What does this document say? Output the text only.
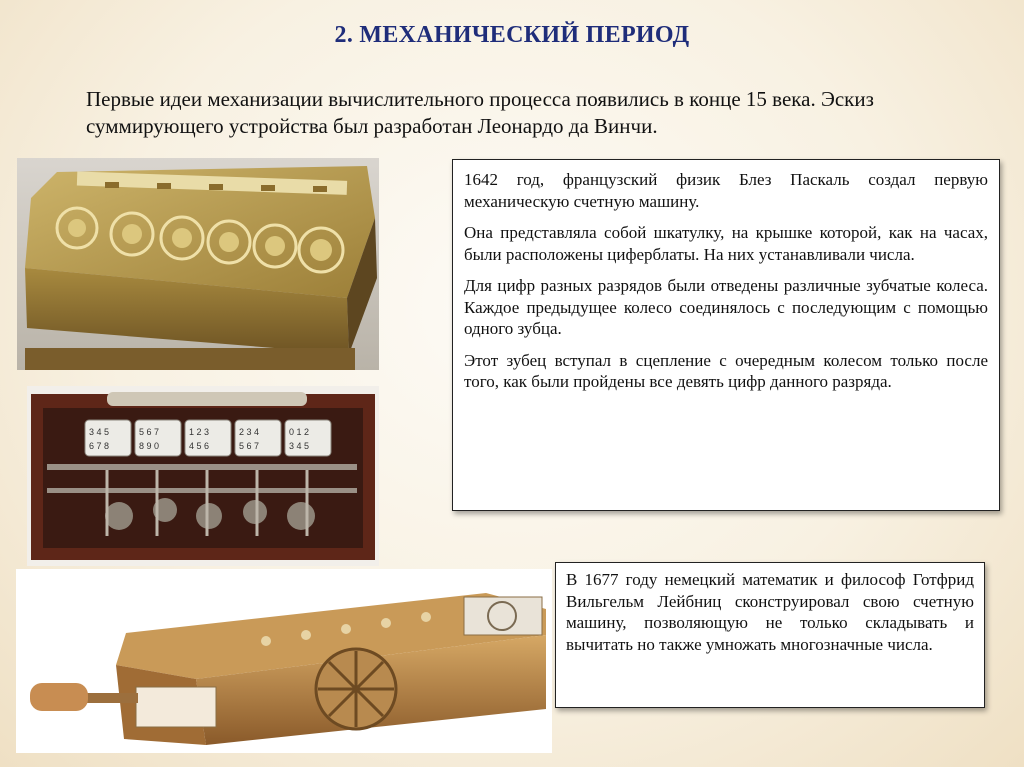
2. МЕХАНИЧЕСКИЙ ПЕРИОД
Первые идеи механизации вычислительного процесса появились в конце 15 века. Эскиз суммирующего устройства был разработан Леонардо да Винчи.
3 4 5
6 7 8
5 6 7
8 9 0
1 2 3
4 5 6
2 3 4
5 6 7
0 1 2
3 4 5

1642 год, французский физик Блез Паскаль создал первую механическую счетную машину.

Она представляла собой шкатулку, на крышке которой, как на часах, были расположены циферблаты. На них устанавливали числа.

Для цифр разных разрядов были отведены различные зубчатые колеса. Каждое предыдущее колесо соединялось с последующим с помощью одного зубца.

Этот зубец вступал в сцепление с очередным колесом только после того, как были пройдены все девять цифр данного разряда.

В 1677 году немецкий математик и философ Готфрид Вильгельм Лейбниц сконструировал свою счетную машину, позволяющую не только складывать и вычитать но также умножать многозначные числа.
